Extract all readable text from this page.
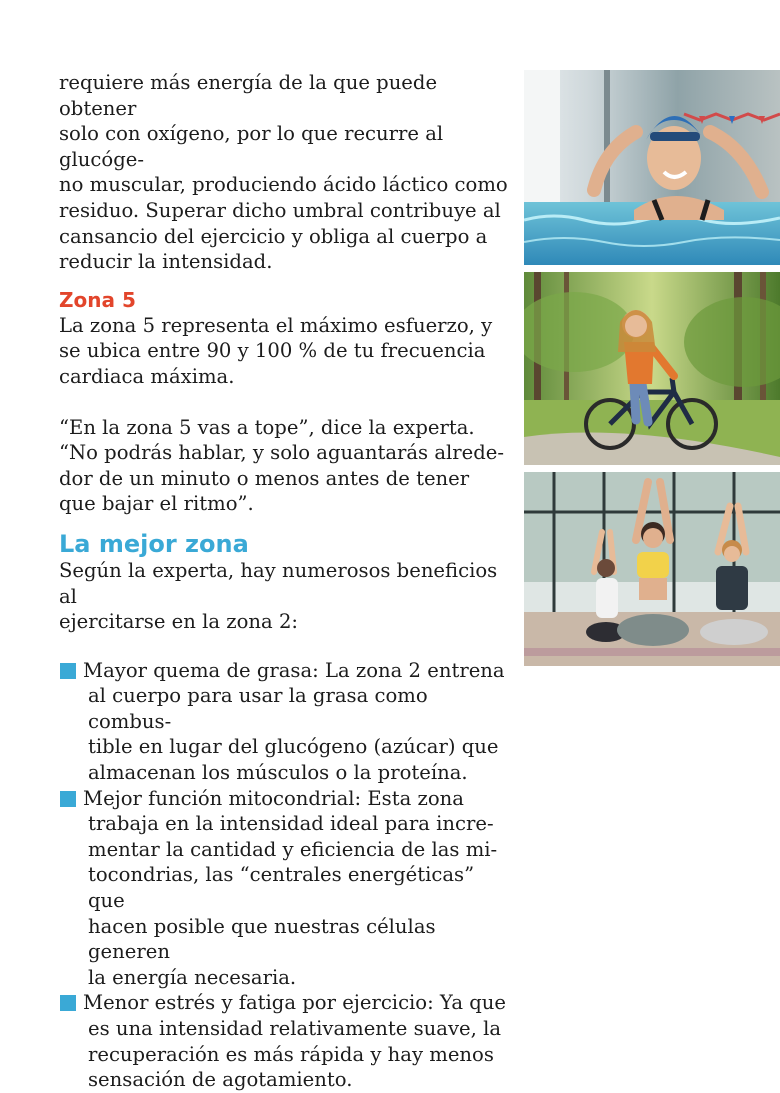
requiere más energía de la que puede obtener

solo con oxígeno, por lo que recurre al glucóge-

no muscular, produciendo ácido láctico como

residuo. Superar dicho umbral contribuye al

cansancio del ejercicio y obliga al cuerpo a

reducir la intensidad.

Zona 5

La zona 5 representa el máximo esfuerzo, y

se ubica entre 90 y 100 % de tu frecuencia

cardiaca máxima.

“En la zona 5 vas a tope”, dice la experta.

“No podrás hablar, y solo aguantarás alrede-

dor de un minuto o menos antes de tener

que bajar el ritmo”.

La mejor zona

Según la experta, hay numerosos beneficios al

ejercitarse en la zona 2:

Mayor quema de grasa: La zona 2 entrena

al cuerpo para usar la grasa como combus-

tible en lugar del glucógeno (azúcar) que

almacenan los músculos o la proteína.

Mejor función mitocondrial: Esta zona

trabaja en la intensidad ideal para incre-

mentar la cantidad y eficiencia de las mi-

tocondrias, las “centrales energéticas” que

hacen posible que nuestras células generen

la energía necesaria.

Menor estrés y fatiga por ejercicio: Ya que

es una intensidad relativamente suave, la

recuperación es más rápida y hay menos

sensación de agotamiento.
